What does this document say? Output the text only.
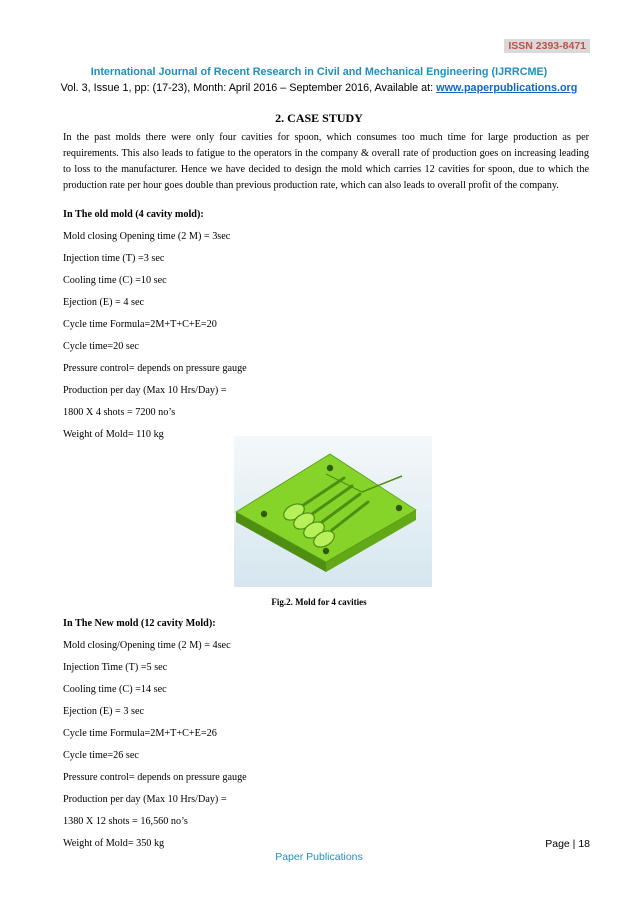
ISSN 2393-8471
International Journal of Recent Research in Civil and Mechanical Engineering (IJRRCME)
Vol. 3, Issue 1, pp: (17-23), Month: April 2016 – September 2016, Available at: www.paperpublications.org
2. CASE STUDY
In the past molds there were only four cavities for spoon, which consumes too much time for large production as per requirements. This also leads to fatigue to the operators in the company & overall rate of production goes on increasing leading to loss to the manufacturer. Hence we have decided to design the mold which carries 12 cavities for spoon, due to which the production rate per hour goes double than previous production rate, which can also leads to overall profit of the company.
In The old mold (4 cavity mold):
Mold closing Opening time (2 M) = 3sec
Injection time (T) =3 sec
Cooling time (C) =10 sec
Ejection (E) = 4 sec
Cycle time Formula=2M+T+C+E=20
Cycle time=20 sec
Pressure control= depends on pressure gauge
Production per day (Max 10 Hrs/Day) =
1800 X 4 shots = 7200 no’s
Weight of Mold= 110 kg
Fig.2. Mold for 4 cavities
In The New mold (12 cavity Mold):
Mold closing/Opening time (2 M) = 4sec
Injection Time (T) =5 sec
Cooling time (C) =14 sec
Ejection (E) = 3 sec
Cycle time Formula=2M+T+C+E=26
Cycle time=26 sec
Pressure control= depends on pressure gauge
Production per day (Max 10 Hrs/Day) =
1380 X 12 shots = 16,560 no’s
Weight of Mold= 350 kg	Page | 18
Paper Publications
